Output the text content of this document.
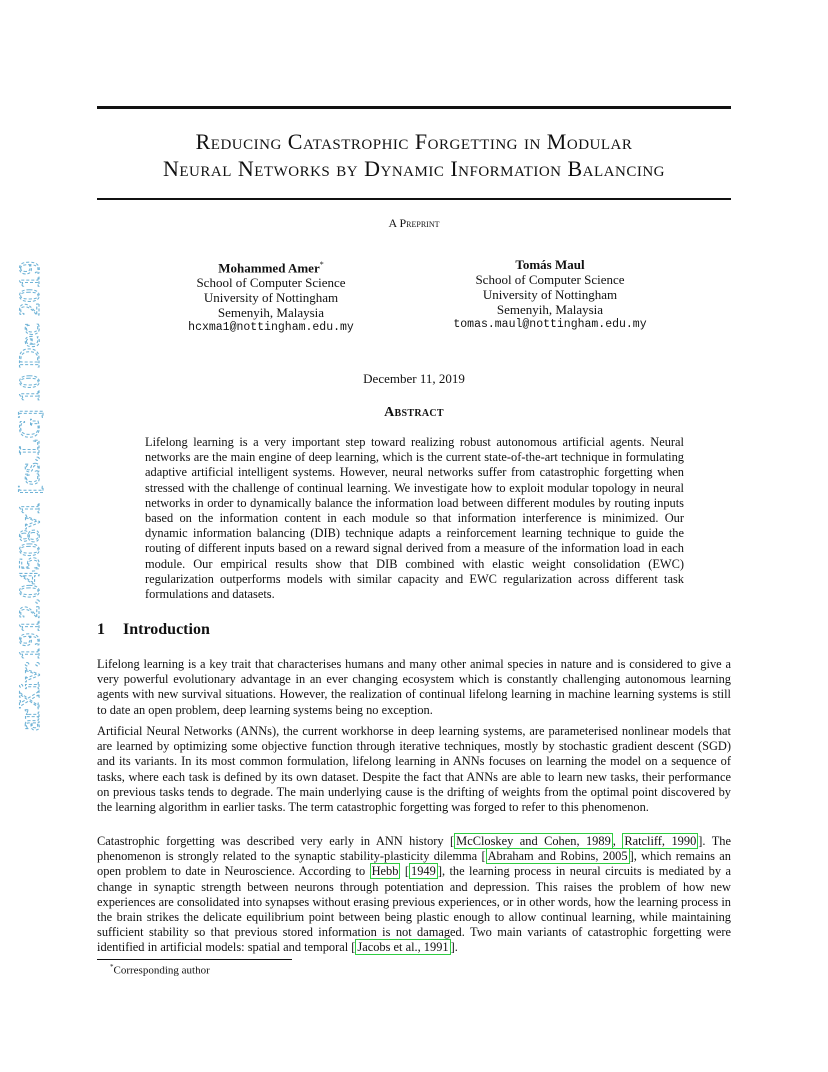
arXiv:1912.04508v1 [cs.LG] 10 Dec 2019
Reducing Catastrophic Forgetting in Modular
Neural Networks by Dynamic Information Balancing
A Preprint
Mohammed Amer*
School of Computer Science
University of Nottingham
Semenyih, Malaysia
hcxma1@nottingham.edu.my
Tomás Maul
School of Computer Science
University of Nottingham
Semenyih, Malaysia
tomas.maul@nottingham.edu.my
December 11, 2019
Abstract
Lifelong learning is a very important step toward realizing robust autonomous artificial agents. Neural networks are the main engine of deep learning, which is the current state-of-the-art technique in formulating adaptive artificial intelligent systems. However, neural networks suffer from catastrophic forgetting when stressed with the challenge of continual learning. We investigate how to exploit modular topology in neural networks in order to dynamically balance the information load between different modules by routing inputs based on the information content in each module so that information interference is minimized. Our dynamic information balancing (DIB) technique adapts a reinforcement learning technique to guide the routing of different inputs based on a reward signal derived from a measure of the information load in each module. Our empirical results show that DIB combined with elastic weight consolidation (EWC) regularization outperforms models with similar capacity and EWC regularization across different task formulations and datasets.
1 Introduction

Lifelong learning is a key trait that characterises humans and many other animal species in nature and is considered to give a very powerful evolutionary advantage in an ever changing ecosystem which is constantly challenging autonomous learning agents with new survival situations. However, the realization of continual lifelong learning in machine learning systems is still to date an open problem, deep learning systems being no exception.

Artificial Neural Networks (ANNs), the current workhorse in deep learning systems, are parameterised nonlinear models that are learned by optimizing some objective function through iterative techniques, mostly by stochastic gradient descent (SGD) and its variants. In its most common formulation, lifelong learning in ANNs focuses on learning the model on a sequence of tasks, where each task is defined by its own dataset. Despite the fact that ANNs are able to learn new tasks, their performance on previous tasks tends to degrade. The main underlying cause is the drifting of weights from the optimal point discovered by the learning algorithm in earlier tasks. The term catastrophic forgetting was forged to refer to this phenomenon.

Catastrophic forgetting was described very early in ANN history [ McCloskey and Cohen, 1989 , Ratcliff, 1990 ]. The phenomenon is strongly related to the synaptic stability-plasticity dilemma [ Abraham and Robins, 2005 ], which remains an open problem to date in Neuroscience. According to Hebb [ 1949 ], the learning process in neural circuits is mediated by a change in synaptic strength between neurons through potentiation and depression. This raises the problem of how new experiences are consolidated into synapses without erasing previous experiences, or in other words, how the learning process in the brain strikes the delicate equilibrium point between being plastic enough to allow continual learning, while maintaining sufficient stability so that previous stored information is not damaged. Two main variants of catastrophic forgetting were identified in artificial models: spatial and temporal [ Jacobs et al., 1991 ].

*Corresponding author
